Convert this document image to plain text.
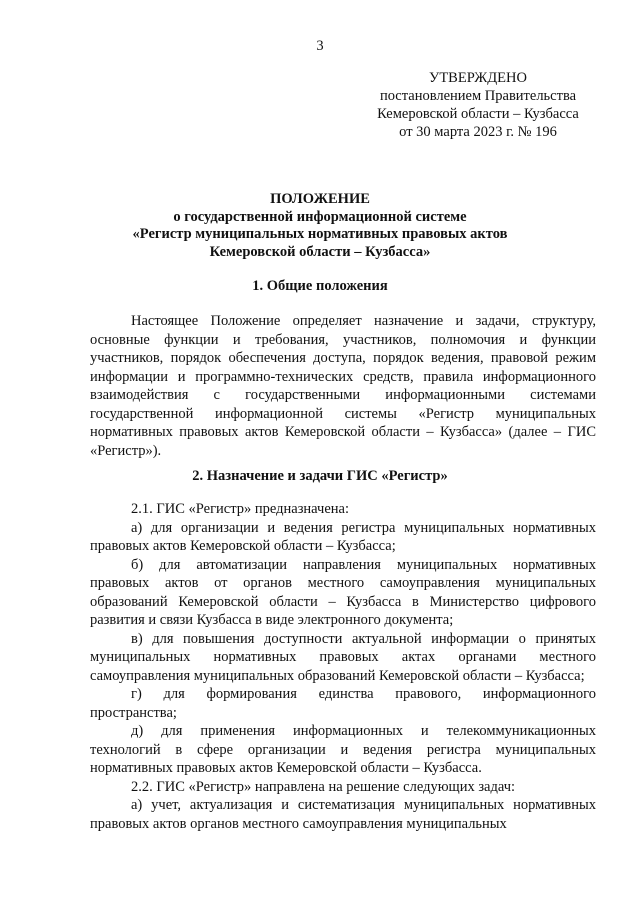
3
УТВЕРЖДЕНО
постановлением Правительства
Кемеровской области – Кузбасса
от 30 марта 2023 г. № 196
ПОЛОЖЕНИЕ
о государственной информационной системе
«Регистр муниципальных нормативных правовых актов
Кемеровской области – Кузбасса»
1. Общие положения

Настоящее Положение определяет назначение и задачи, структуру, основные функции и требования, участников, полномочия и функции участников, порядок обеспечения доступа, порядок ведения, правовой режим информации и программно-технических средств, правила информационного взаимодействия с государственными информационными системами государственной информационной системы «Регистр муниципальных нормативных правовых актов Кемеровской области – Кузбасса» (далее – ГИС «Регистр»).

2. Назначение и задачи ГИС «Регистр»

2.1. ГИС «Регистр» предназначена:

а) для организации и ведения регистра муниципальных нормативных правовых актов Кемеровской области – Кузбасса;

б) для автоматизации направления муниципальных нормативных правовых актов от органов местного самоуправления муниципальных образований Кемеровской области – Кузбасса в Министерство цифрового развития и связи Кузбасса в виде электронного документа;

в) для повышения доступности актуальной информации о принятых муниципальных нормативных правовых актах органами местного самоуправления муниципальных образований Кемеровской области – Кузбасса;

г) для формирования единства правового, информационного пространства;

д) для применения информационных и телекоммуникационных технологий в сфере организации и ведения регистра муниципальных нормативных правовых актов Кемеровской области – Кузбасса.

2.2. ГИС «Регистр» направлена на решение следующих задач:

а) учет, актуализация и систематизация муниципальных нормативных правовых актов органов местного самоуправления муниципальных
